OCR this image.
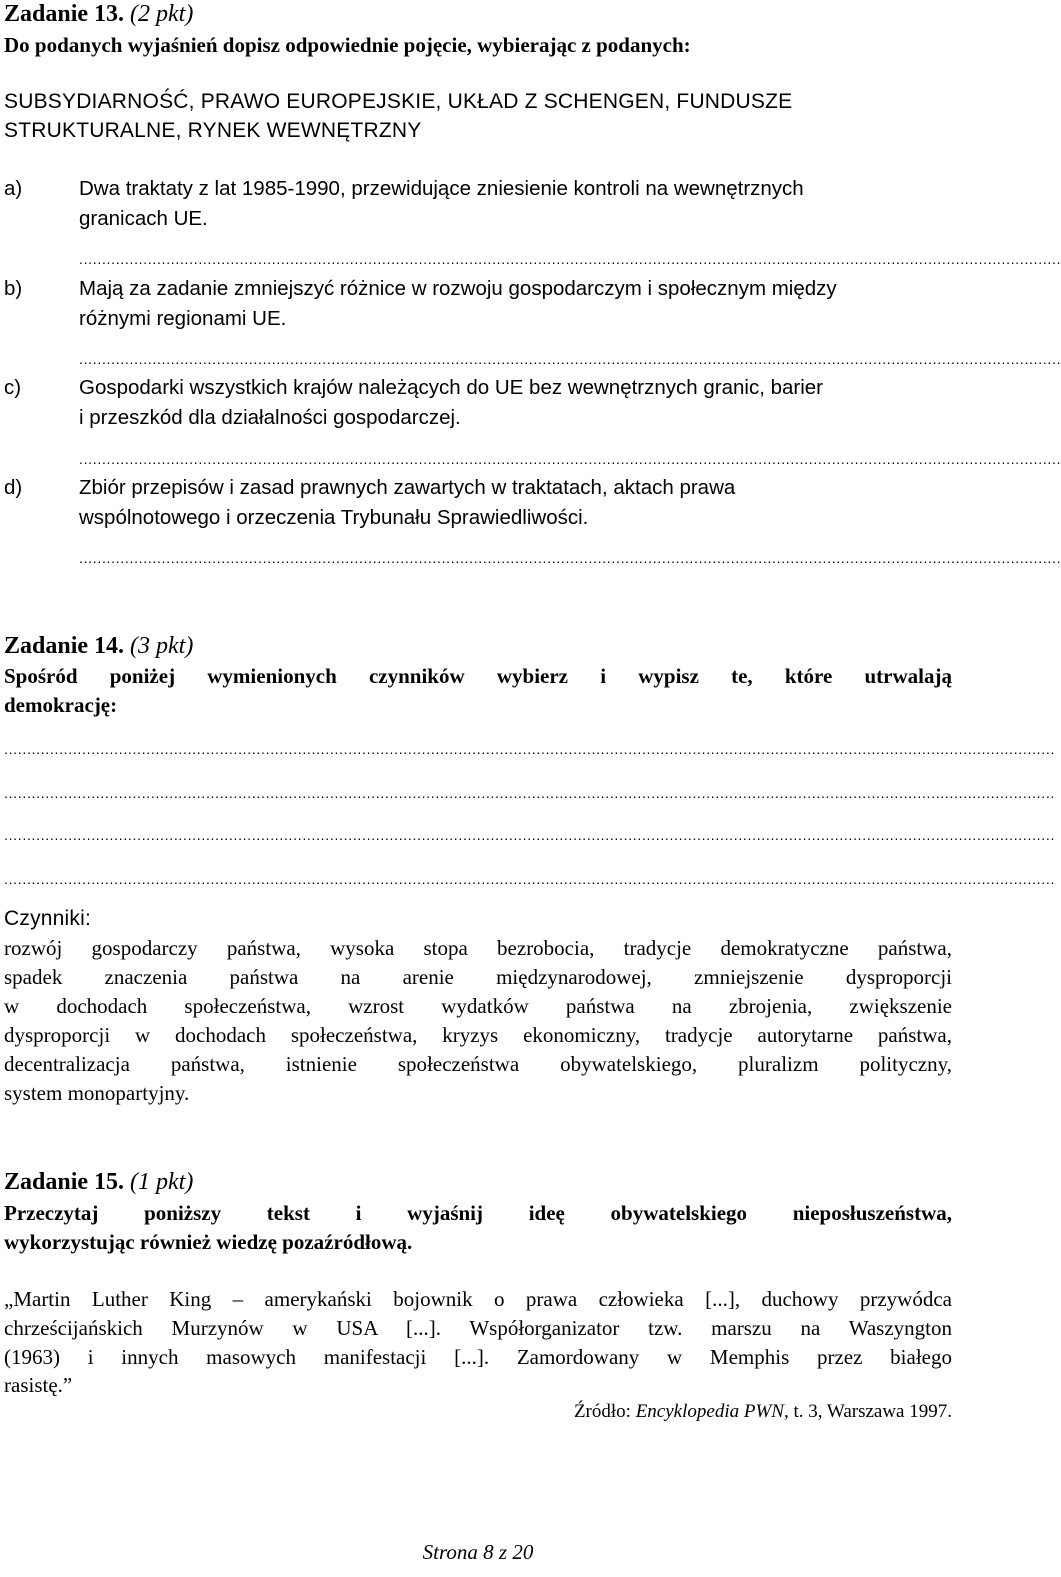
Zadanie 13. (2 pkt)
Do podanych wyjaśnień dopisz odpowiednie pojęcie, wybierając z podanych:
SUBSYDIARNOŚĆ, PRAWO EUROPEJSKIE, UKŁAD Z SCHENGEN, FUNDUSZE
STRUKTURALNE, RYNEK WEWNĘTRZNY
a)	Dwa traktaty z lat 1985-1990, przewidujące zniesienie kontroli na wewnętrznych
granicach UE.
......................................................................................................................................................................................................................
b)	Mają za zadanie zmniejszyć różnice w rozwoju gospodarczym i społecznym między
różnymi regionami UE.
......................................................................................................................................................................................................................
c)	Gospodarki wszystkich krajów należących do UE bez wewnętrznych granic, barier
i przeszkód dla działalności gospodarczej.
......................................................................................................................................................................................................................
d)	Zbiór przepisów i zasad prawnych zawartych w traktatach, aktach prawa
wspólnotowego i orzeczenia Trybunału Sprawiedliwości.
......................................................................................................................................................................................................................
Zadanie 14. (3 pkt)
Spośród poniżej wymienionych czynników wybierz i wypisz te, które utrwalają
demokrację:
.....................................................................................................................................................................................................................................
.....................................................................................................................................................................................................................................
.....................................................................................................................................................................................................................................
.....................................................................................................................................................................................................................................
Czynniki:
rozwój gospodarczy państwa, wysoka stopa bezrobocia, tradycje demokratyczne państwa,
spadek znaczenia państwa na arenie międzynarodowej, zmniejszenie dysproporcji
w dochodach społeczeństwa, wzrost wydatków państwa na zbrojenia, zwiększenie
dysproporcji w dochodach społeczeństwa, kryzys ekonomiczny, tradycje autorytarne państwa,
decentralizacja państwa, istnienie społeczeństwa obywatelskiego, pluralizm polityczny,
system monopartyjny.
Zadanie 15. (1 pkt)
Przeczytaj poniższy tekst i wyjaśnij ideę obywatelskiego nieposłuszeństwa,
wykorzystując również wiedzę pozaźródłową.
„Martin Luther King – amerykański bojownik o prawa człowieka [...], duchowy przywódca
chrześcijańskich Murzynów w USA [...]. Współorganizator tzw. marszu na Waszyngton
(1963) i innych masowych manifestacji [...]. Zamordowany w Memphis przez białego
rasistę.”
Źródło: Encyklopedia PWN, t. 3, Warszawa 1997.
Strona 8 z 20
